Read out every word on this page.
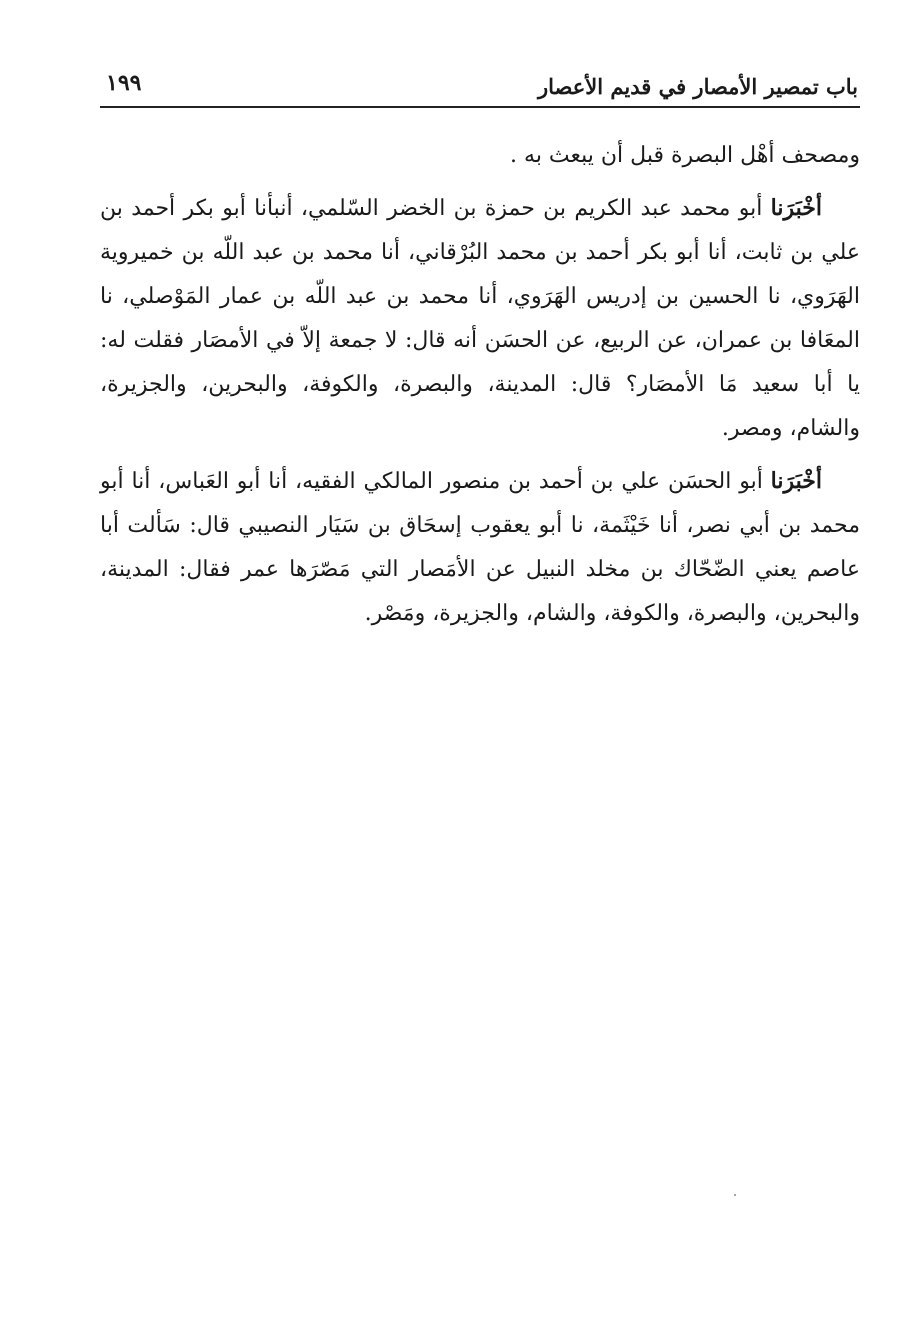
باب تمصير الأمصار في قديم الأعصار
١٩٩

ومصحف أهْل البصرة قبل أن يبعث به .

أخْبَرَنا أبو محمد عبد الكريم بن حمزة بن الخضر السّلمي، أنبأنا أبو بكر أحمد بن علي بن ثابت، أنا أبو بكر أحمد بن محمد البُرْقاني، أنا محمد بن عبد اللّه بن خميروية الهَرَوي، نا الحسين بن إدريس الهَرَوي، أنا محمد بن عبد اللّه بن عمار المَوْصلي، نا المعَافا بن عمران، عن الربيع، عن الحسَن أنه قال: لا جمعة إلاّ في الأمصَار فقلت له: يا أبا سعيد مَا الأمصَار؟ قال: المدينة، والبصرة، والكوفة، والبحرين، والجزيرة، والشام، ومصر.

أخْبَرَنا أبو الحسَن علي بن أحمد بن منصور المالكي الفقيه، أنا أبو العَباس، أنا أبو محمد بن أبي نصر، أنا خَيْثَمة، نا أبو يعقوب إسحَاق بن سَيَار النصيبي قال: سَألت أبا عاصم يعني الضّحّاك بن مخلد النبيل عن الأمَصار التي مَصّرَها عمر فقال: المدينة، والبحرين، والبصرة، والكوفة، والشام، والجزيرة، ومَصْر.
